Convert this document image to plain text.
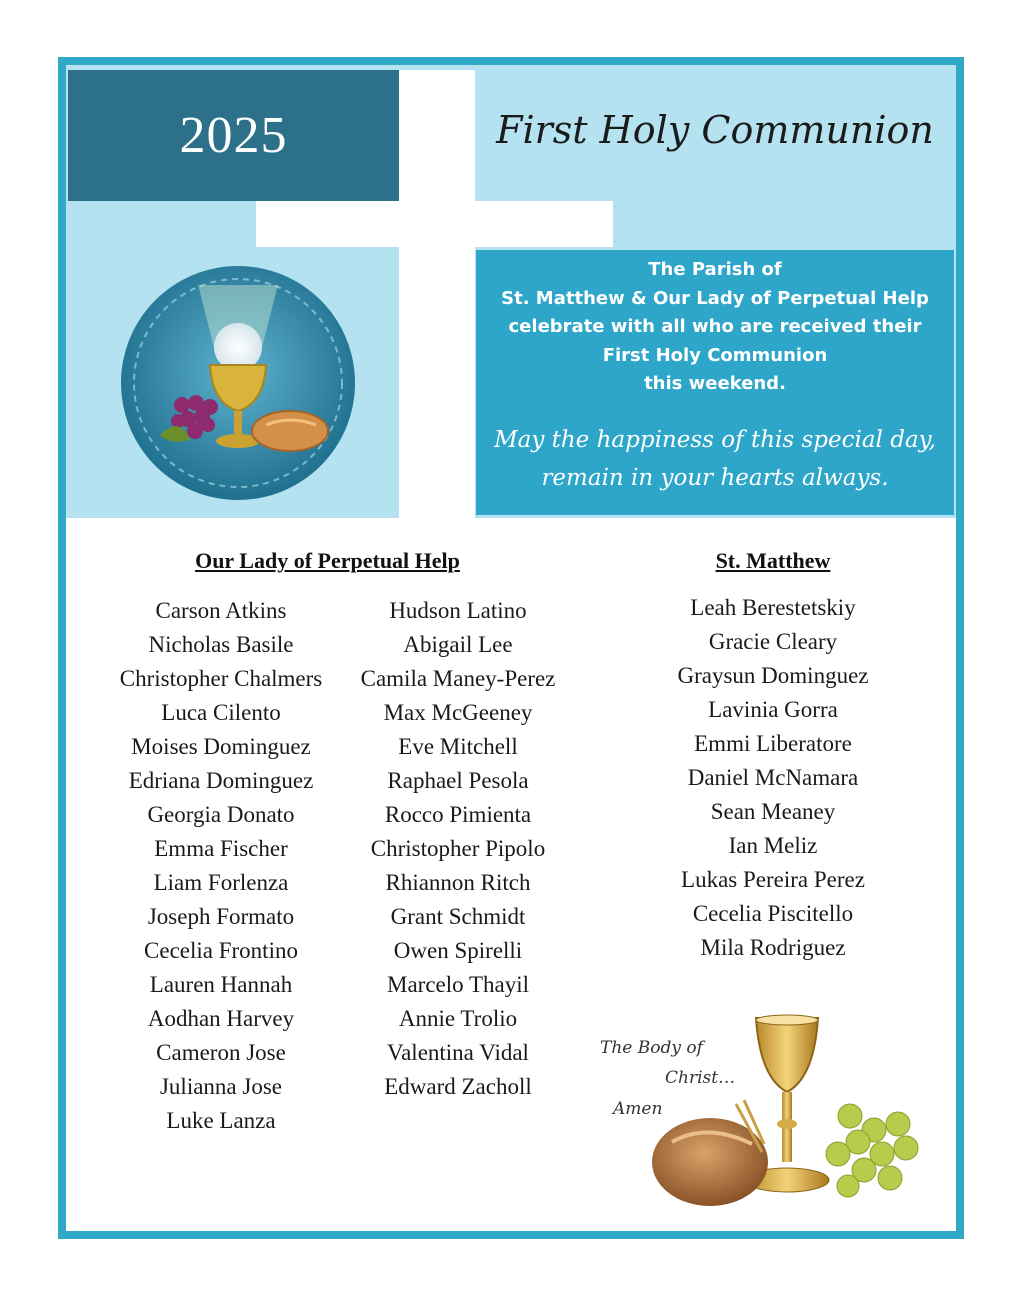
2025	First Holy Communion
The Parish of
St. Matthew & Our Lady of Perpetual Help
celebrate with all who are received their
First Holy Communion
this weekend.
May the happiness of this special day,
remain in your hearts always.
Our Lady of Perpetual Help	St. Matthew
Carson Atkins
Nicholas Basile
Christopher Chalmers
Luca Cilento
Moises Dominguez
Edriana Dominguez
Georgia Donato
Emma Fischer
Liam Forlenza
Joseph Formato
Cecelia Frontino
Lauren Hannah
Aodhan Harvey
Cameron Jose
Julianna Jose
Luke Lanza
Hudson Latino
Abigail Lee
Camila Maney-Perez
Max McGeeney
Eve Mitchell
Raphael Pesola
Rocco Pimienta
Christopher Pipolo
Rhiannon Ritch
Grant Schmidt
Owen Spirelli
Marcelo Thayil
Annie Trolio
Valentina Vidal
Edward Zacholl
Leah Berestetskiy
Gracie Cleary
Graysun Dominguez
Lavinia Gorra
Emmi Liberatore
Daniel McNamara
Sean Meaney
Ian Meliz
Lukas Pereira Perez
Cecelia Piscitello
Mila Rodriguez
The Body of
Christ…
Amen
